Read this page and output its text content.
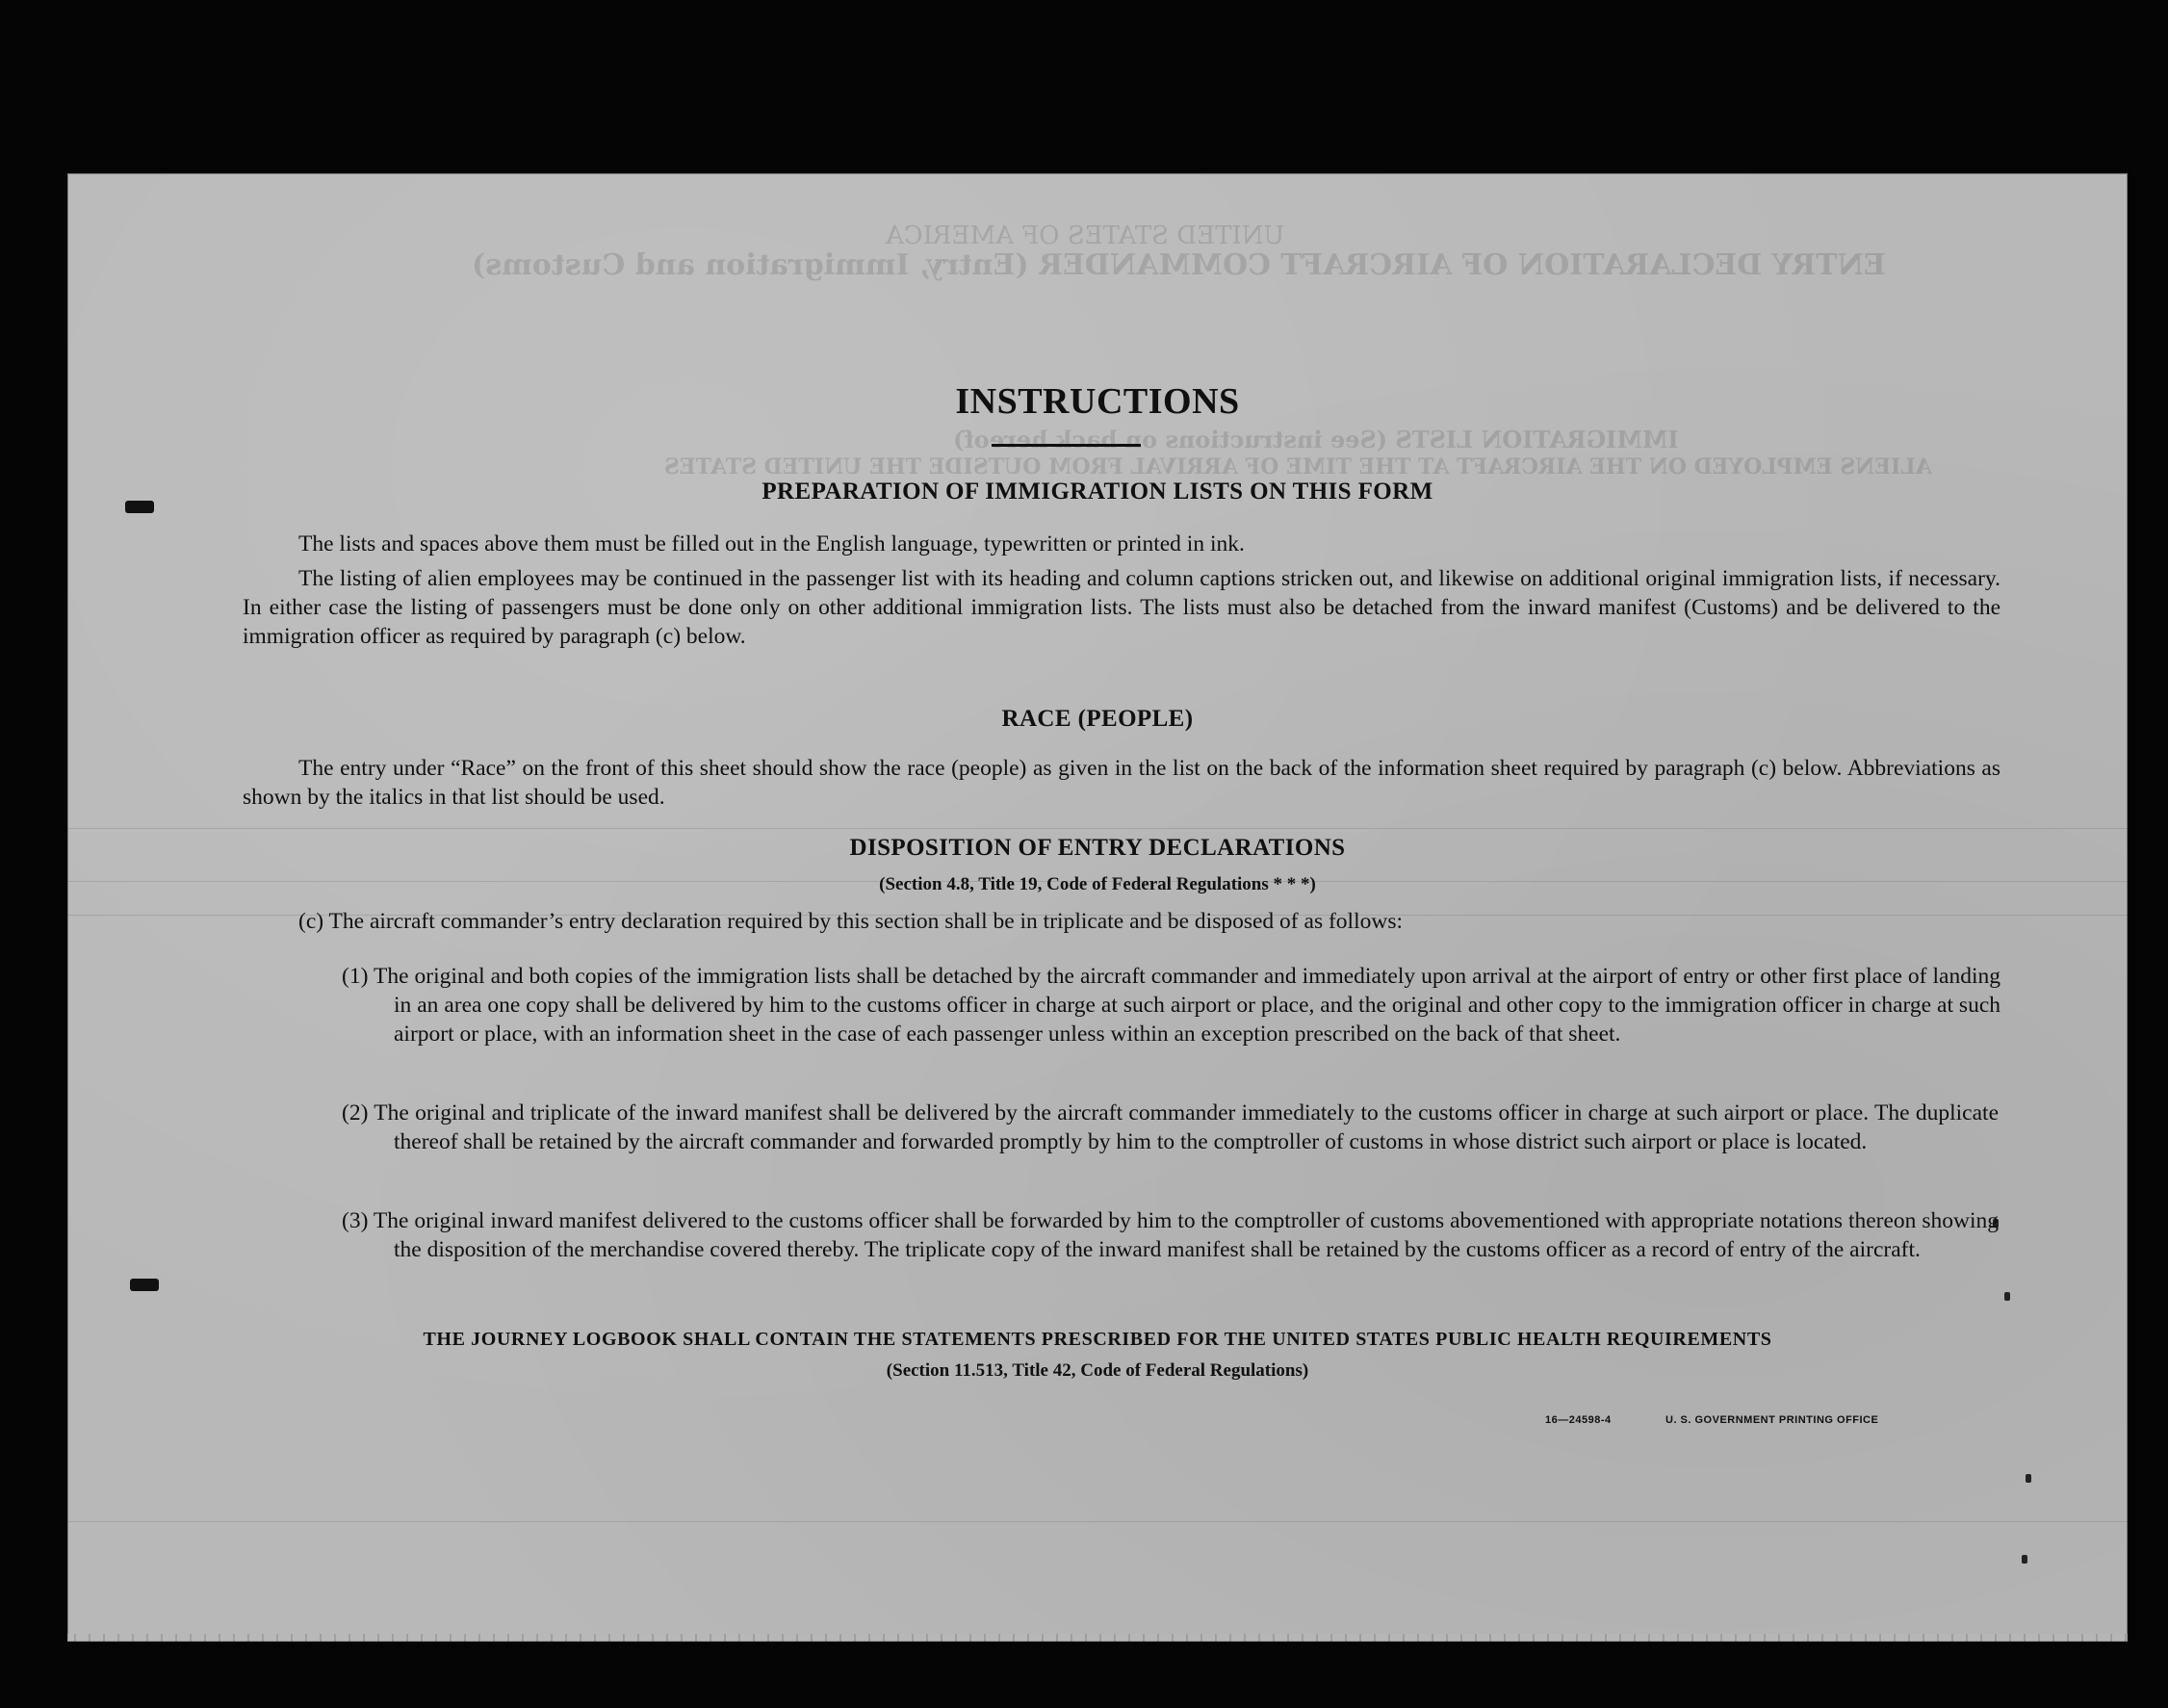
UNITED STATES OF AMERICA
ENTRY DECLARATION OF AIRCRAFT COMMANDER (Entry, Immigration and Customs)
IMMIGRATION LISTS (See instructions on back hereof)
ALIENS EMPLOYED ON THE AIRCRAFT AT THE TIME OF ARRIVAL FROM OUTSIDE THE UNITED STATES
INSTRUCTIONS
PREPARATION OF IMMIGRATION LISTS ON THIS FORM

The lists and spaces above them must be filled out in the English language, typewritten or printed in ink.

The listing of alien employees may be continued in the passenger list with its heading and column captions stricken out, and likewise on additional original immigration lists, if necessary. In either case the listing of passengers must be done only on other additional immigration lists. The lists must also be detached from the inward manifest (Customs) and be delivered to the immigration officer as required by paragraph (c) below.

RACE (PEOPLE)

The entry under “Race” on the front of this sheet should show the race (people) as given in the list on the back of the information sheet required by paragraph (c) below. Abbreviations as shown by the italics in that list should be used.

DISPOSITION OF ENTRY DECLARATIONS
(Section 4.8, Title 19, Code of Federal Regulations * * *)

(c) The aircraft commander’s entry declaration required by this section shall be in triplicate and be disposed of as follows:

(1) The original and both copies of the immigration lists shall be detached by the aircraft commander and immediately upon arrival at the airport of entry or other first place of landing in an area one copy shall be delivered by him to the customs officer in charge at such airport or place, and the original and other copy to the immigration officer in charge at such airport or place, with an information sheet in the case of each passenger unless within an exception prescribed on the back of that sheet.

(2) The original and triplicate of the inward manifest shall be delivered by the aircraft commander immediately to the customs officer in charge at such airport or place. The duplicate thereof shall be retained by the aircraft commander and forwarded promptly by him to the comptroller of customs in whose district such airport or place is located.

(3) The original inward manifest delivered to the customs officer shall be forwarded by him to the comptroller of customs abovementioned with appropriate notations thereon showing the disposition of the merchandise covered thereby. The triplicate copy of the inward manifest shall be retained by the customs officer as a record of entry of the aircraft.

THE JOURNEY LOGBOOK SHALL CONTAIN THE STATEMENTS PRESCRIBED FOR THE UNITED STATES PUBLIC HEALTH REQUIREMENTS
(Section 11.513, Title 42, Code of Federal Regulations)
16—24598-4	U. S. GOVERNMENT PRINTING OFFICE
